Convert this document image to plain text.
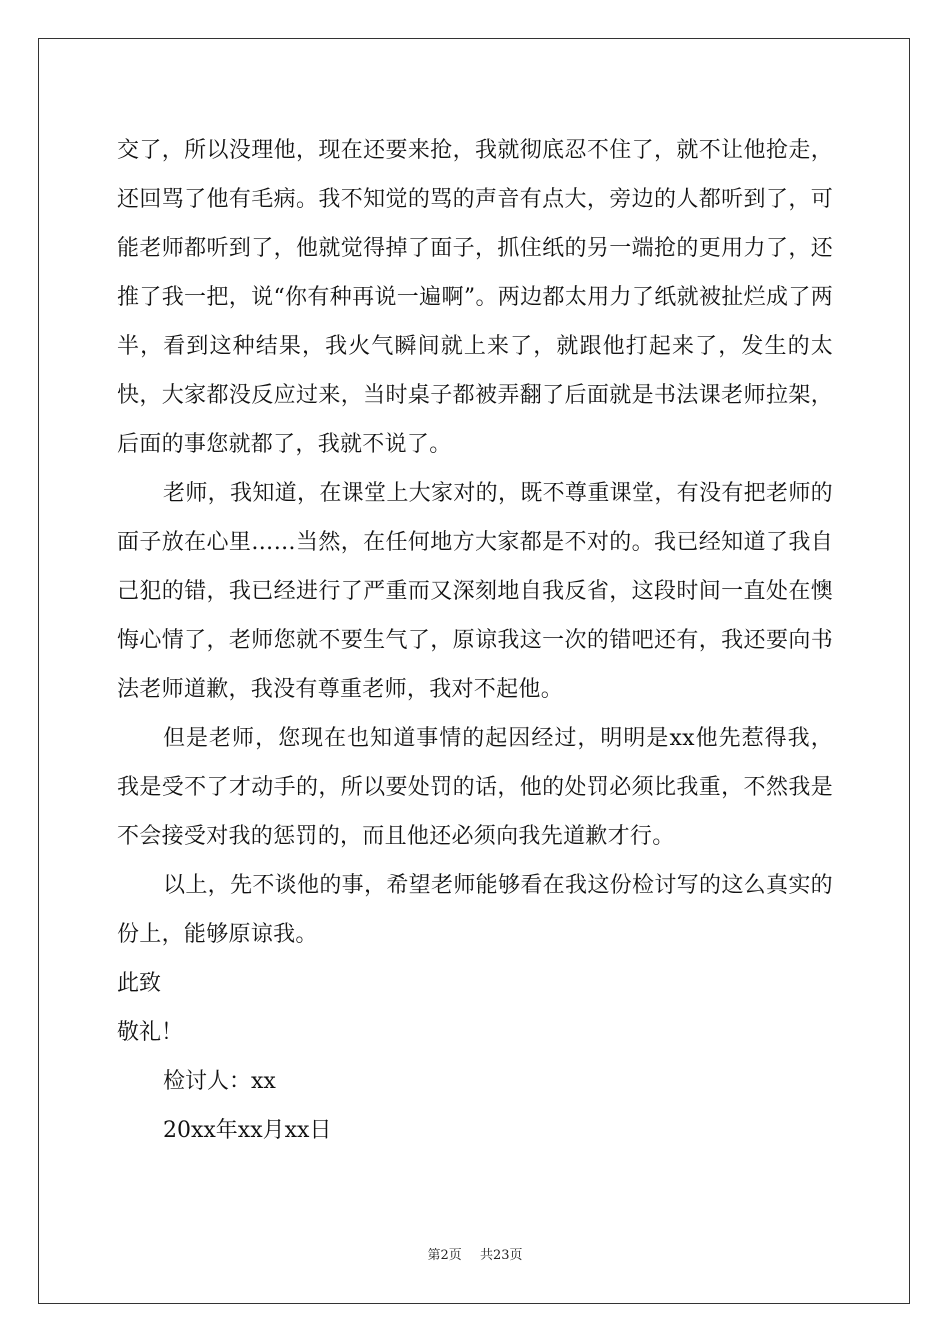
交了，所以没理他，现在还要来抢，我就彻底忍不住了，就不让他抢走，还回骂了他有毛病。我不知觉的骂的声音有点大，旁边的人都听到了，可能老师都听到了，他就觉得掉了面子，抓住纸的另一端抢的更用力了，还推了我一把，说“你有种再说一遍啊”。两边都太用力了纸就被扯烂成了两半，看到这种结果，我火气瞬间就上来了，就跟他打起来了，发生的太快，大家都没反应过来，当时桌子都被弄翻了后面就是书法课老师拉架，后面的事您就都了，我就不说了。

老师，我知道，在课堂上大家对的，既不尊重课堂，有没有把老师的面子放在心里……当然，在任何地方大家都是不对的。我已经知道了我自己犯的错，我已经进行了严重而又深刻地自我反省，这段时间一直处在懊悔心情了，老师您就不要生气了，原谅我这一次的错吧还有，我还要向书法老师道歉，我没有尊重老师，我对不起他。

但是老师，您现在也知道事情的起因经过，明明是xx他先惹得我，我是受不了才动手的，所以要处罚的话，他的处罚必须比我重，不然我是不会接受对我的惩罚的，而且他还必须向我先道歉才行。

以上，先不谈他的事，希望老师能够看在我这份检讨写的这么真实的份上，能够原谅我。

此致

敬礼！

检讨人：xx

20xx年xx月xx日

第2页 共23页
